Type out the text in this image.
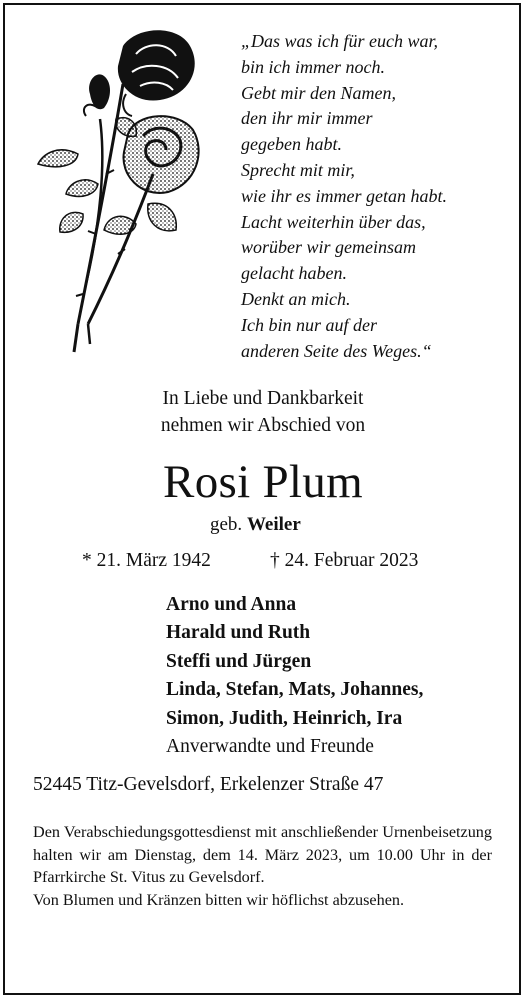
„Das was ich für euch war,
bin ich immer noch.
Gebt mir den Namen,
den ihr mir immer
gegeben habt.
Sprecht mit mir,
wie ihr es immer getan habt.
Lacht weiterhin über das,
worüber wir gemeinsam
gelacht haben.
Denkt an mich.
Ich bin nur auf der
anderen Seite des Weges.“
In Liebe und Dankbarkeit
nehmen wir Abschied von
Rosi Plum
geb. Weiler
* 21. März 1942	† 24. Februar 2023
Arno und Anna
Harald und Ruth
Steffi und Jürgen
Linda, Stefan, Mats, Johannes,
Simon, Judith, Heinrich, Ira
Anverwandte und Freunde
52445 Titz-Gevelsdorf, Erkelenzer Straße 47

Den Verabschiedungsgottesdienst mit anschließender Urnenbeisetzung halten wir am Dienstag, dem 14. März 2023, um 10.00 Uhr in der Pfarrkirche St. Vitus zu Gevelsdorf.

Von Blumen und Kränzen bitten wir höflichst abzusehen.
